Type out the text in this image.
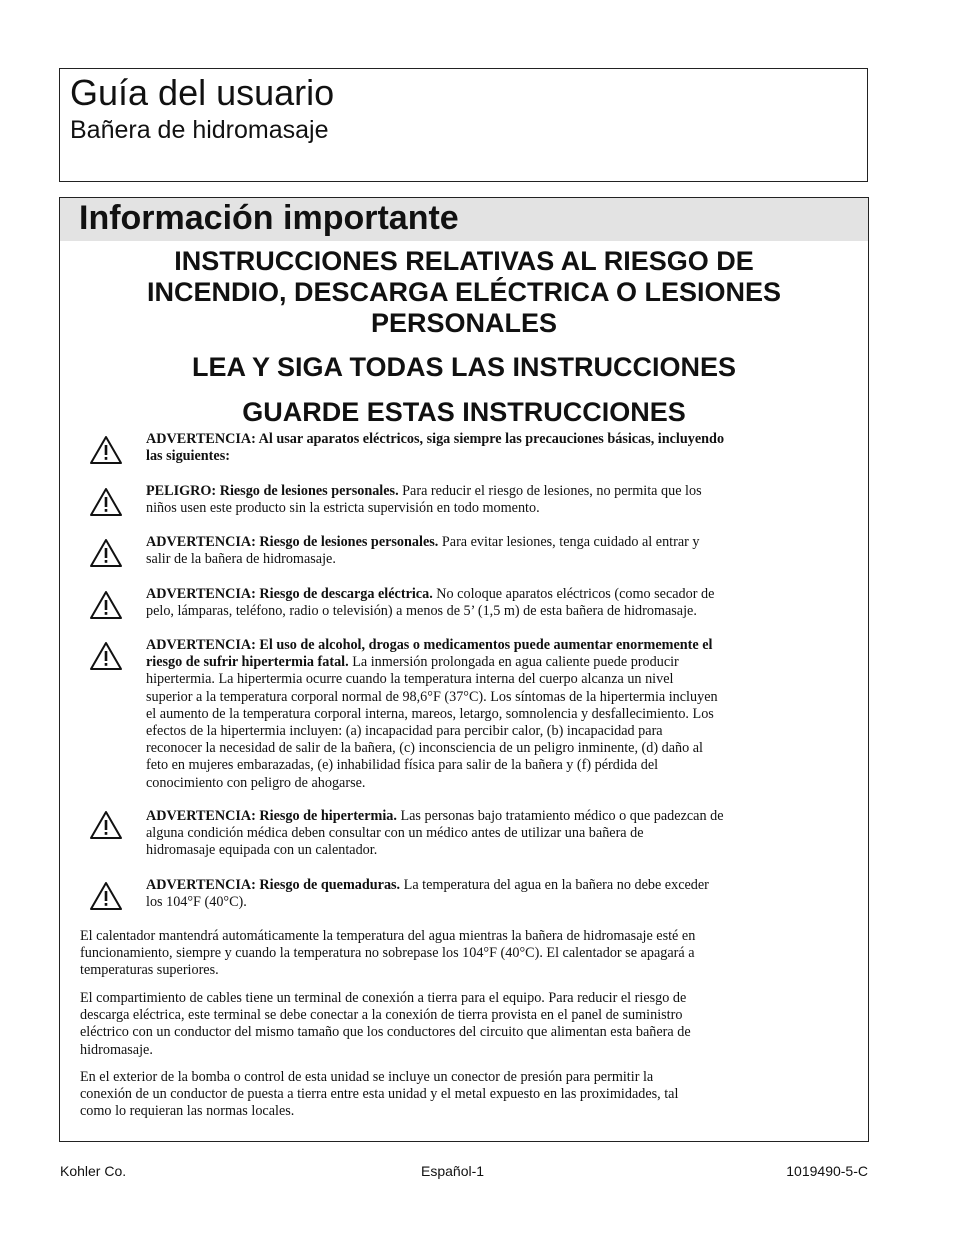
Guía del usuario
Bañera de hidromasaje
Información importante
INSTRUCCIONES RELATIVAS AL RIESGO DE
INCENDIO, DESCARGA ELÉCTRICA O LESIONES
PERSONALES
LEA Y SIGA TODAS LAS INSTRUCCIONES
GUARDE ESTAS INSTRUCCIONES
ADVERTENCIA: Al usar aparatos eléctricos, siga siempre las precauciones básicas, incluyendo
las siguientes:
PELIGRO: Riesgo de lesiones personales. Para reducir el riesgo de lesiones, no permita que los
niños usen este producto sin la estricta supervisión en todo momento.
ADVERTENCIA: Riesgo de lesiones personales. Para evitar lesiones, tenga cuidado al entrar y
salir de la bañera de hidromasaje.
ADVERTENCIA: Riesgo de descarga eléctrica. No coloque aparatos eléctricos (como secador de
pelo, lámparas, teléfono, radio o televisión) a menos de 5’ (1,5 m) de esta bañera de hidromasaje.
ADVERTENCIA: El uso de alcohol, drogas o medicamentos puede aumentar enormemente el
riesgo de sufrir hipertermia fatal. La inmersión prolongada en agua caliente puede producir
hipertermia. La hipertermia ocurre cuando la temperatura interna del cuerpo alcanza un nivel
superior a la temperatura corporal normal de 98,6°F (37°C). Los síntomas de la hipertermia incluyen
el aumento de la temperatura corporal interna, mareos, letargo, somnolencia y desfallecimiento. Los
efectos de la hipertermia incluyen: (a) incapacidad para percibir calor, (b) incapacidad para
reconocer la necesidad de salir de la bañera, (c) inconsciencia de un peligro inminente, (d) daño al
feto en mujeres embarazadas, (e) inhabilidad física para salir de la bañera y (f) pérdida del
conocimiento con peligro de ahogarse.
ADVERTENCIA: Riesgo de hipertermia. Las personas bajo tratamiento médico o que padezcan de
alguna condición médica deben consultar con un médico antes de utilizar una bañera de
hidromasaje equipada con un calentador.
ADVERTENCIA: Riesgo de quemaduras. La temperatura del agua en la bañera no debe exceder
los 104°F (40°C).
El calentador mantendrá automáticamente la temperatura del agua mientras la bañera de hidromasaje esté en
funcionamiento, siempre y cuando la temperatura no sobrepase los 104°F (40°C). El calentador se apagará a
temperaturas superiores.
El compartimiento de cables tiene un terminal de conexión a tierra para el equipo. Para reducir el riesgo de
descarga eléctrica, este terminal se debe conectar a la conexión de tierra provista en el panel de suministro
eléctrico con un conductor del mismo tamaño que los conductores del circuito que alimentan esta bañera de
hidromasaje.
En el exterior de la bomba o control de esta unidad se incluye un conector de presión para permitir la
conexión de un conductor de puesta a tierra entre esta unidad y el metal expuesto en las proximidades, tal
como lo requieran las normas locales.
Kohler Co.	Español-1	1019490-5-C
